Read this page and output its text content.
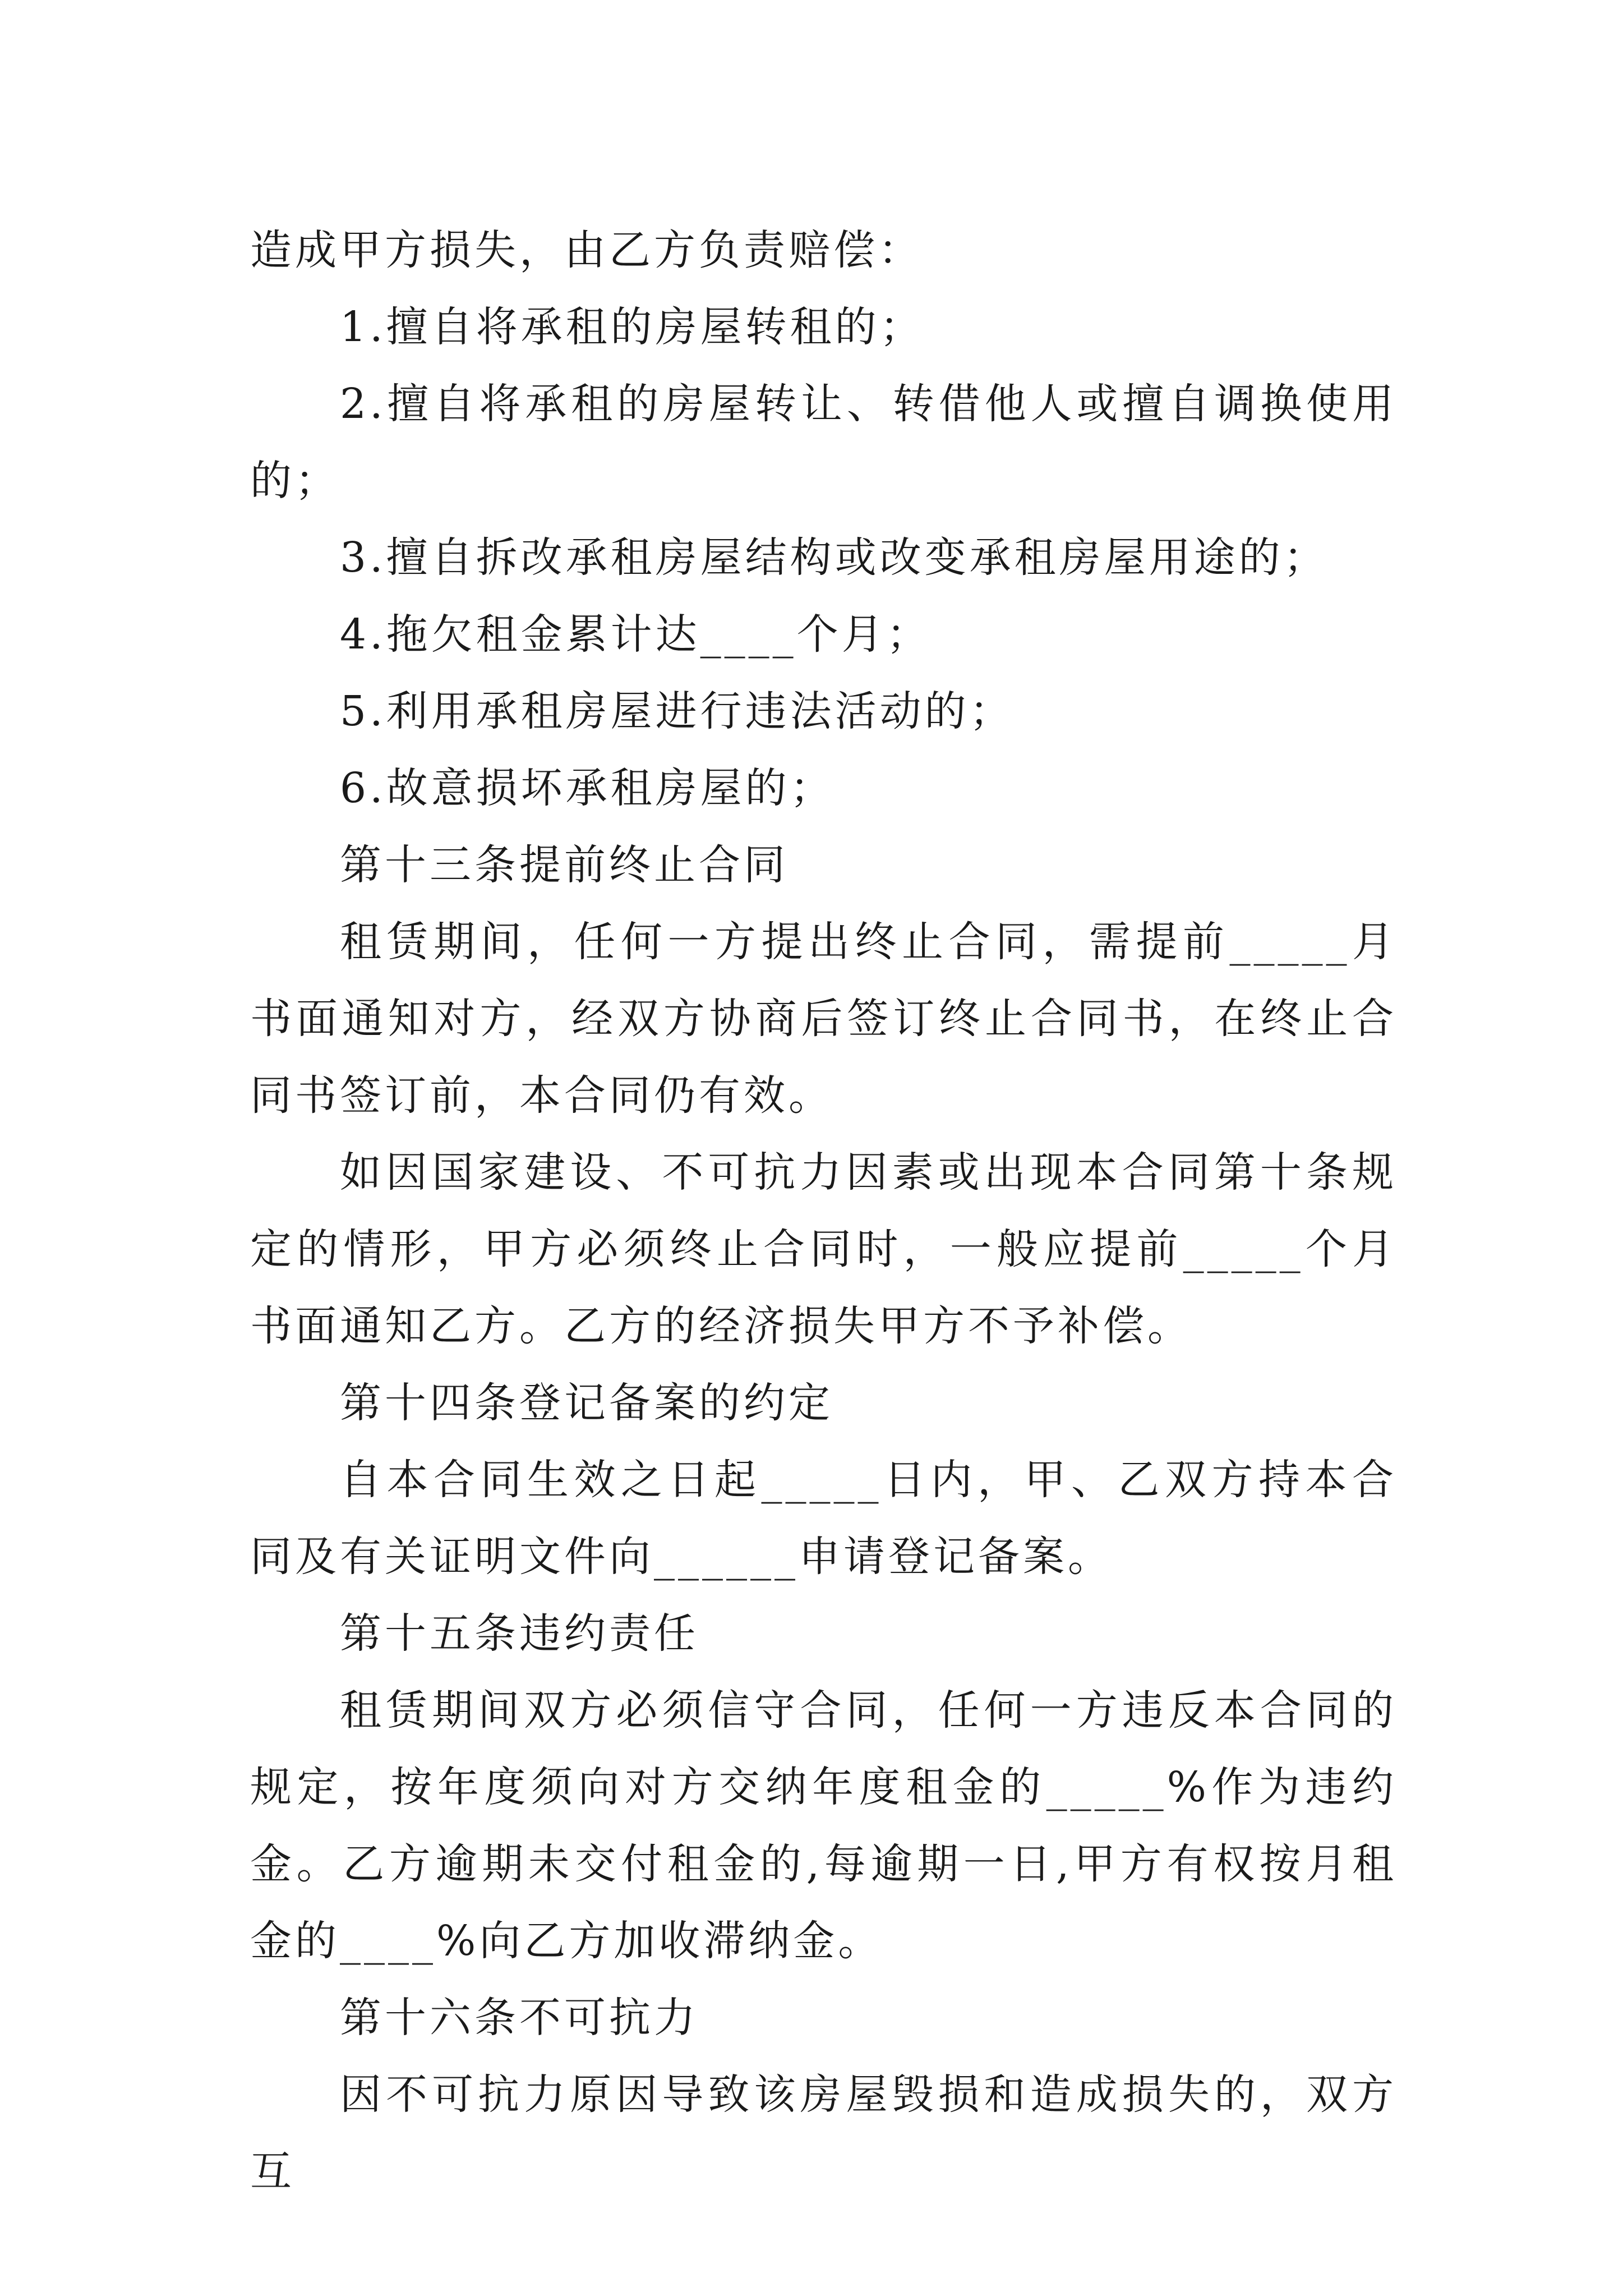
造成甲方损失，由乙方负责赔偿：

1.擅自将承租的房屋转租的；

2.擅自将承租的房屋转让、转借他人或擅自调换使用的；

3.擅自拆改承租房屋结构或改变承租房屋用途的；

4.拖欠租金累计达____个月；

5.利用承租房屋进行违法活动的；

6.故意损坏承租房屋的；

第十三条提前终止合同

租赁期间，任何一方提出终止合同，需提前_____月书面通知对方，经双方协商后签订终止合同书，在终止合同书签订前，本合同仍有效。

如因国家建设、不可抗力因素或出现本合同第十条规定的情形，甲方必须终止合同时，一般应提前_____个月书面通知乙方。乙方的经济损失甲方不予补偿。

第十四条登记备案的约定

自本合同生效之日起_____日内，甲、乙双方持本合同及有关证明文件向______申请登记备案。

第十五条违约责任

租赁期间双方必须信守合同，任何一方违反本合同的规定，按年度须向对方交纳年度租金的_____%作为违约金。乙方逾期未交付租金的,每逾期一日,甲方有权按月租金的____%向乙方加收滞纳金。

第十六条不可抗力

因不可抗力原因导致该房屋毁损和造成损失的，双方互
